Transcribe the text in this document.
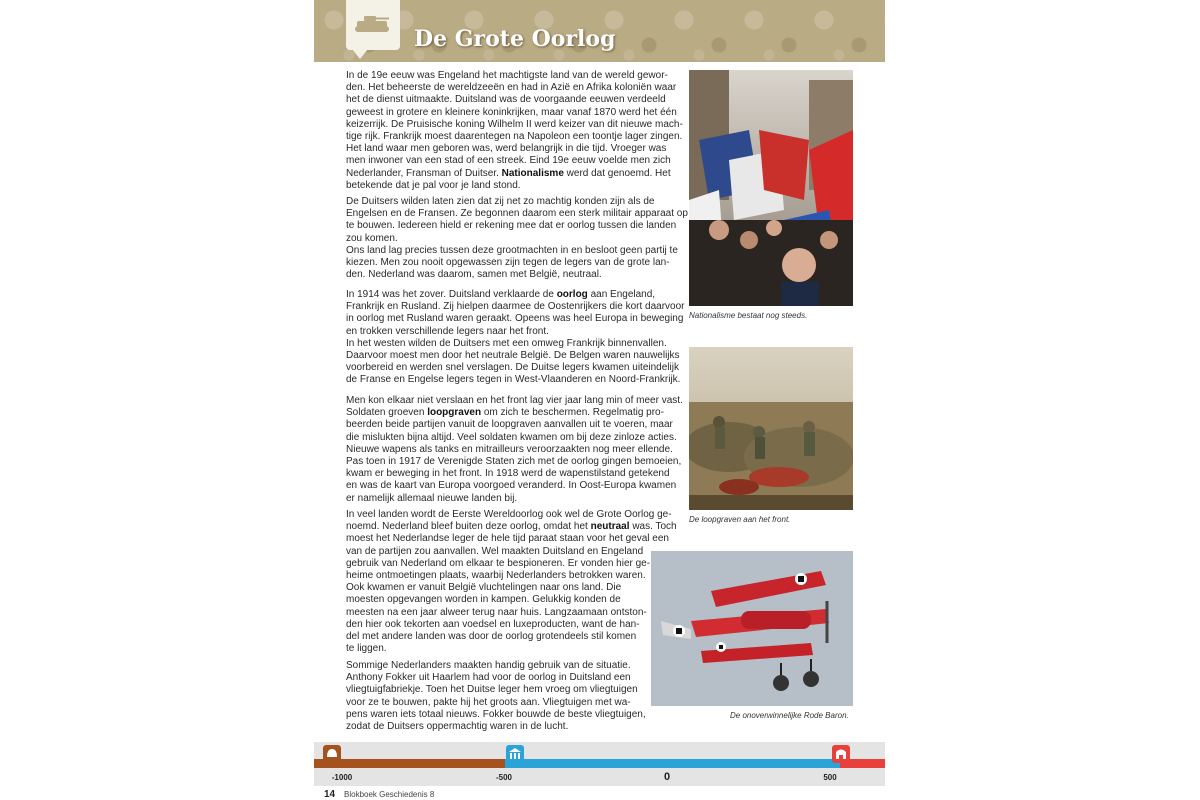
De Grote Oorlog

In de 19e eeuw was Engeland het machtigste land van de wereld gewor-
den. Het beheerste de wereldzeeën en had in Azië en Afrika koloniën waar
het de dienst uitmaakte. Duitsland was de voorgaande eeuwen verdeeld
geweest in grotere en kleinere koninkrijken, maar vanaf 1870 werd het één
keizerrijk. De Pruisische koning Wilhelm II werd keizer van dit nieuwe mach-
tige rijk. Frankrijk moest daarentegen na Napoleon een toontje lager zingen.
Het land waar men geboren was, werd belangrijk in die tijd. Vroeger was
men inwoner van een stad of een streek. Eind 19e eeuw voelde men zich
Nederlander, Fransman of Duitser. Nationalisme werd dat genoemd. Het
betekende dat je pal voor je land stond.

De Duitsers wilden laten zien dat zij net zo machtig konden zijn als de
Engelsen en de Fransen. Ze begonnen daarom een sterk militair apparaat op
te bouwen. Iedereen hield er rekening mee dat er oorlog tussen die landen
zou komen.
Ons land lag precies tussen deze grootmachten in en besloot geen partij te
kiezen. Men zou nooit opgewassen zijn tegen de legers van de grote lan-
den. Nederland was daarom, samen met België, neutraal.

In 1914 was het zover. Duitsland verklaarde de oorlog aan Engeland,
Frankrijk en Rusland. Zij hielpen daarmee de Oostenrijkers die kort daarvoor
in oorlog met Rusland waren geraakt. Opeens was heel Europa in beweging
en trokken verschillende legers naar het front.
In het westen wilden de Duitsers met een omweg Frankrijk binnenvallen.
Daarvoor moest men door het neutrale België. De Belgen waren nauwelijks
voorbereid en werden snel verslagen. De Duitse legers kwamen uiteindelijk
de Franse en Engelse legers tegen in West-Vlaanderen en Noord-Frankrijk.

Men kon elkaar niet verslaan en het front lag vier jaar lang min of meer vast.
Soldaten groeven loopgraven om zich te beschermen. Regelmatig pro-
beerden beide partijen vanuit de loopgraven aanvallen uit te voeren, maar
die mislukten bijna altijd. Veel soldaten kwamen om bij deze zinloze acties.
Nieuwe wapens als tanks en mitrailleurs veroorzaakten nog meer ellende.
Pas toen in 1917 de Verenigde Staten zich met de oorlog gingen bemoeien,
kwam er beweging in het front. In 1918 werd de wapenstilstand getekend
en was de kaart van Europa voorgoed veranderd. In Oost-Europa kwamen
er namelijk allemaal nieuwe landen bij.

In veel landen wordt de Eerste Wereldoorlog ook wel de Grote Oorlog ge-
noemd. Nederland bleef buiten deze oorlog, omdat het neutraal was. Toch
moest het Nederlandse leger de hele tijd paraat staan voor het geval een
van de partijen zou aanvallen. Wel maakten Duitsland en Engeland
gebruik van Nederland om elkaar te bespioneren. Er vonden hier ge-
heime ontmoetingen plaats, waarbij Nederlanders betrokken waren.
Ook kwamen er vanuit België vluchtelingen naar ons land. Die
moesten opgevangen worden in kampen. Gelukkig konden de
meesten na een jaar alweer terug naar huis. Langzaamaan ontston-
den hier ook tekorten aan voedsel en luxeproducten, want de han-
del met andere landen was door de oorlog grotendeels stil komen
te liggen.

Sommige Nederlanders maakten handig gebruik van de situatie.
Anthony Fokker uit Haarlem had voor de oorlog in Duitsland een
vliegtuigfabriekje. Toen het Duitse leger hem vroeg om vliegtuigen
voor ze te bouwen, pakte hij het groots aan. Vliegtuigen met wa-
pens waren iets totaal nieuws. Fokker bouwde de beste vliegtuigen,
zodat de Duitsers oppermachtig waren in de lucht.

Nationalisme bestaat nog steeds.

De loopgraven aan het front.

De onoverwinnelijke Rode Baron.

-1000	-500	0	500
14 Blokboek Geschiedenis 8
